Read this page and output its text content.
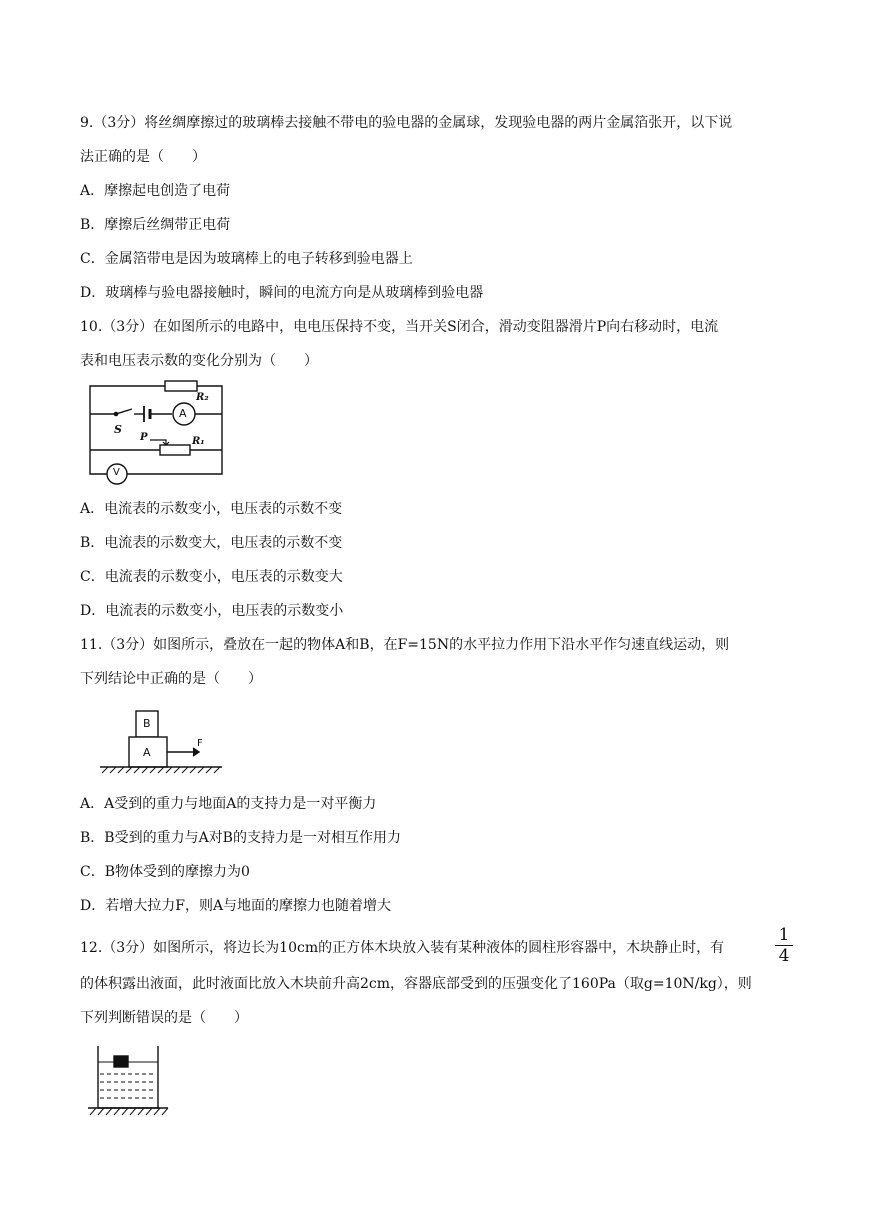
9.（3分）将丝绸摩擦过的玻璃棒去接触不带电的验电器的金属球，发现验电器的两片金属箔张开，以下说
法正确的是（　　）
A．摩擦起电创造了电荷
B．摩擦后丝绸带正电荷
C．金属箔带电是因为玻璃棒上的电子转移到验电器上
D．玻璃棒与验电器接触时，瞬间的电流方向是从玻璃棒到验电器
10.（3分）在如图所示的电路中，电电压保持不变，当开关S闭合，滑动变阻器滑片P向右移动时，电流
表和电压表示数的变化分别为（　　）
R₂
A
S
V
P	R₁
A．电流表的示数变小，电压表的示数不变
B．电流表的示数变大，电压表的示数不变
C．电流表的示数变小，电压表的示数变大
D．电流表的示数变小，电压表的示数变小
11.（3分）如图所示，叠放在一起的物体A和B，在F=15N的水平拉力作用下沿水平作匀速直线运动，则
下列结论中正确的是（　　）
B
A
F
A．A受到的重力与地面A的支持力是一对平衡力
B．B受到的重力与A对B的支持力是一对相互作用力
C．B物体受到的摩擦力为0
D．若增大拉力F，则A与地面的摩擦力也随着增大
12.（3分）如图所示，将边长为10cm的正方体木块放入装有某种液体的圆柱形容器中，木块静止时，有
1
4
的体积露出液面，此时液面比放入木块前升高2cm，容器底部受到的压强变化了160Pa（取g=10N/kg），则
下列判断错误的是（　　）
